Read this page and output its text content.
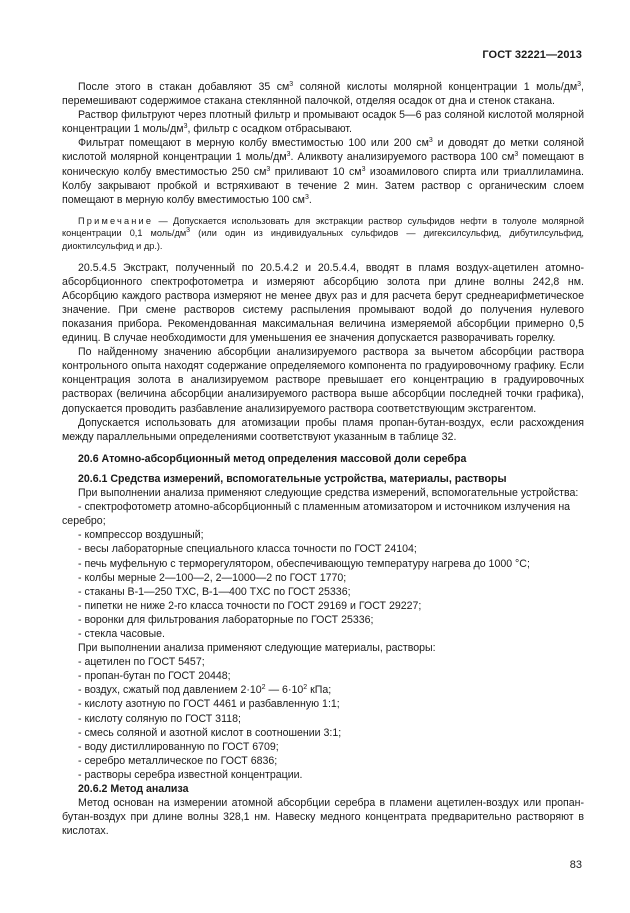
ГОСТ 32221—2013

После этого в стакан добавляют 35 $см^3$ соляной кислоты молярной концентрации 1 моль/$дм^3$, перемешивают содержимое стакана стеклянной палочкой, отделяя осадок от дна и стенок стакана.

Раствор фильтруют через плотный фильтр и промывают осадок 5—6 раз соляной кислотой молярной концентрации 1 моль/$дм^3$, фильтр с осадком отбрасывают.

Фильтрат помещают в мерную колбу вместимостью 100 или 200 $см^3$ и доводят до метки соляной кислотой молярной концентрации 1 моль/$дм^3$. Аликвоту анализируемого раствора 100 $см^3$ помещают в коническую колбу вместимостью 250 $см^3$ приливают 10 $см^3$ изоамилового спирта или триаллиламина. Колбу закрывают пробкой и встряхивают в течение 2 мин. Затем раствор с органическим слоем помещают в мерную колбу вместимостью 100 $см^3$.

Примечание — Допускается использовать для экстракции раствор сульфидов нефти в толуоле молярной концентрации 0,1 моль/$дм^3$ (или один из индивидуальных сульфидов — дигексилсульфид, дибутилсульфид, диоктилсульфид и др.).

20.5.4.5 Экстракт, полученный по 20.5.4.2 и 20.5.4.4, вводят в пламя воздух-ацетилен атомно-абсорбционного спектрофотометра и измеряют абсорбцию золота при длине волны 242,8 нм. Абсорбцию каждого раствора измеряют не менее двух раз и для расчета берут среднеарифметическое значение. При смене растворов систему распыления промывают водой до получения нулевого показания прибора. Рекомендованная максимальная величина измеряемой абсорбции примерно 0,5 единиц. В случае необходимости для уменьшения ее значения допускается разворачивать горелку.

По найденному значению абсорбции анализируемого раствора за вычетом абсорбции раствора контрольного опыта находят содержание определяемого компонента по градуировочному графику. Если концентрация золота в анализируемом растворе превышает его концентрацию в градуировочных растворах (величина абсорбции анализируемого раствора выше абсорбции последней точки графика), допускается проводить разбавление анализируемого раствора соответствующим экстрагентом.

Допускается использовать для атомизации пробы пламя пропан-бутан-воздух, если расхождения между параллельными определениями соответствуют указанным в таблице 32.

20.6 Атомно-абсорбционный метод определения массовой доли серебра

20.6.1 Средства измерений, вспомогательные устройства, материалы, растворы

При выполнении анализа применяют следующие средства измерений, вспомогательные устройства:

- спектрофотометр атомно-абсорбционный с пламенным атомизатором и источником излучения на серебро;

- компрессор воздушный;

- весы лабораторные специального класса точности по ГОСТ 24104;

- печь муфельную с терморегулятором, обеспечивающую температуру нагрева до 1000 °С;

- колбы мерные 2—100—2, 2—1000—2 по ГОСТ 1770;

- стаканы В-1—250 ТХС, В-1—400 ТХС по ГОСТ 25336;

- пипетки не ниже 2-го класса точности по ГОСТ 29169 и ГОСТ 29227;

- воронки для фильтрования лабораторные по ГОСТ 25336;

- стекла часовые.

При выполнении анализа применяют следующие материалы, растворы:

- ацетилен по ГОСТ 5457;

- пропан-бутан по ГОСТ 20448;

- воздух, сжатый под давлением $2\cdot 10^2$ — $6\cdot 10^2$ кПа;

- кислоту азотную по ГОСТ 4461 и разбавленную 1:1;

- кислоту соляную по ГОСТ 3118;

- смесь соляной и азотной кислот в соотношении 3:1;

- воду дистиллированную по ГОСТ 6709;

- серебро металлическое по ГОСТ 6836;

- растворы серебра известной концентрации.

20.6.2 Метод анализа

Метод основан на измерении атомной абсорбции серебра в пламени ацетилен-воздух или пропан-бутан-воздух при длине волны 328,1 нм. Навеску медного концентрата предварительно растворяют в кислотах.

83
